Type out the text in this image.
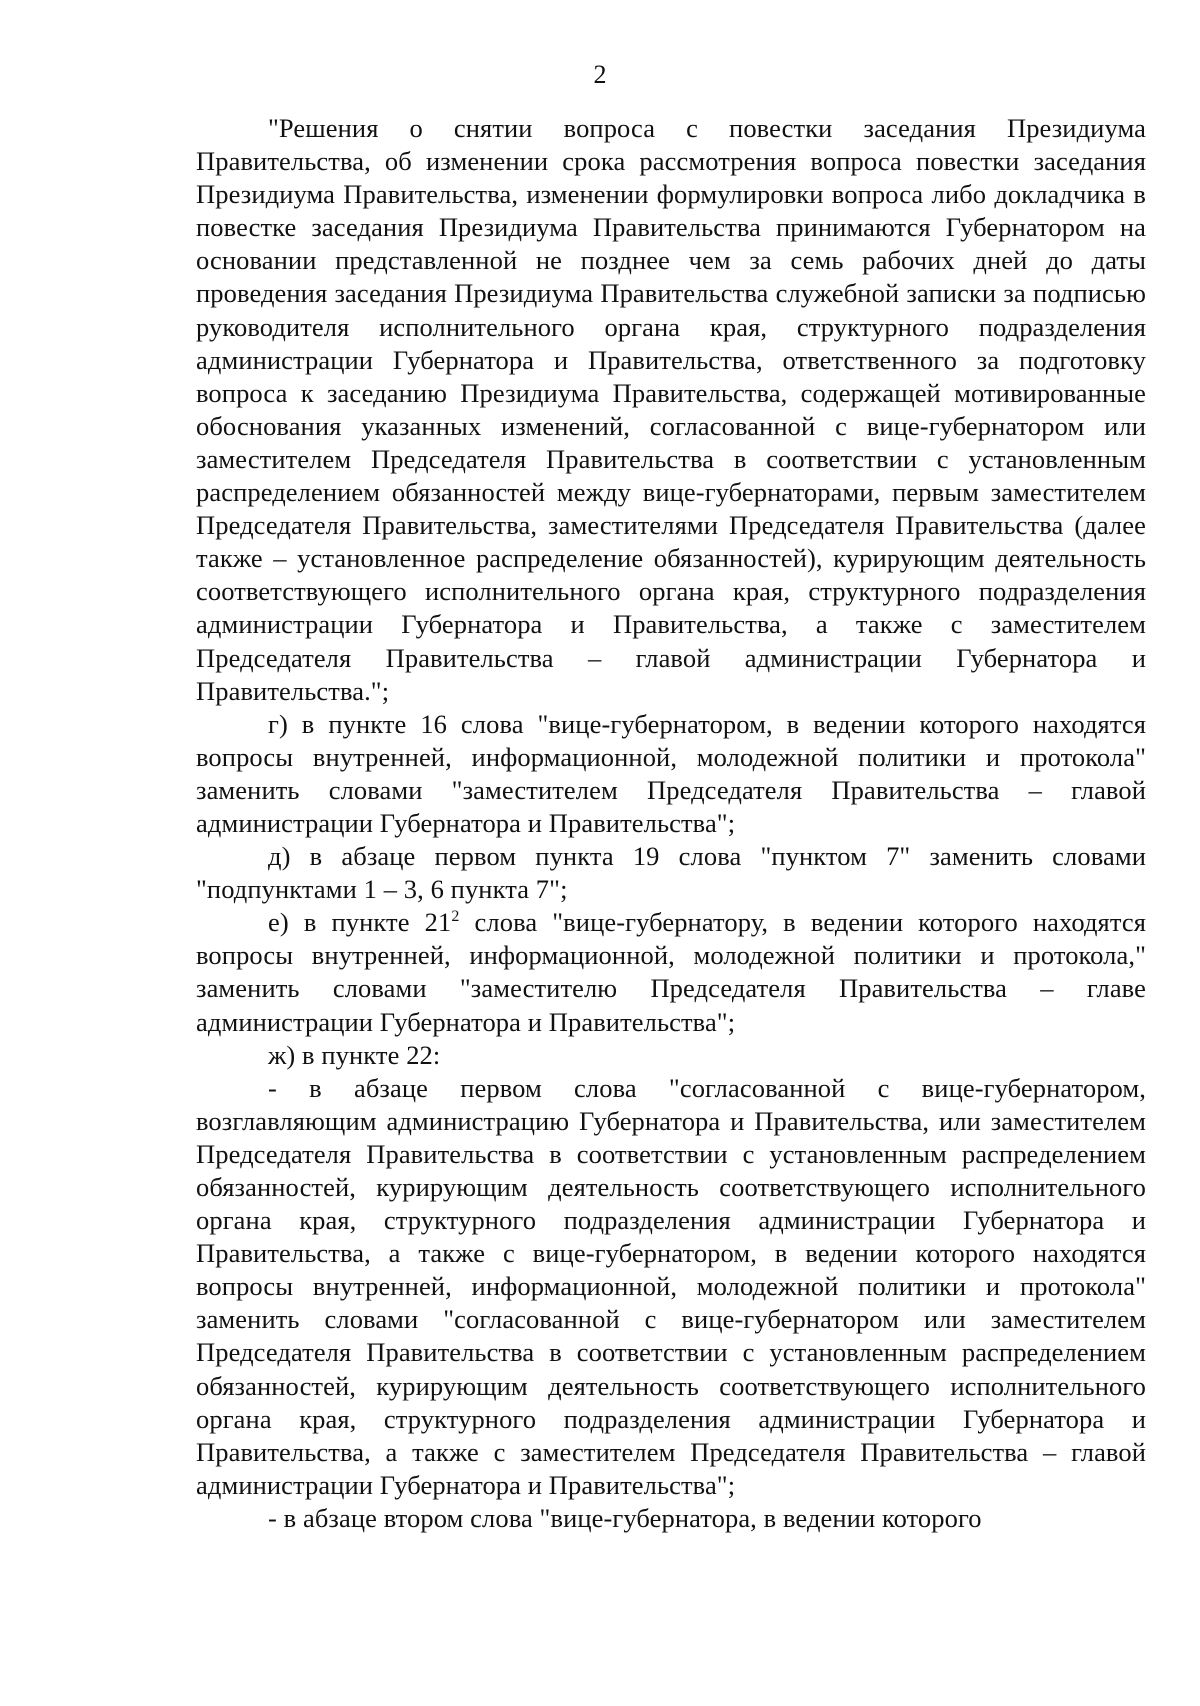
2

"Решения о снятии вопроса с повестки заседания Президиума Правительства, об изменении срока рассмотрения вопроса повестки заседания Президиума Правительства, изменении формулировки вопроса либо докладчика в повестке заседания Президиума Правительства принимаются Губернатором на основании представленной не позднее чем за семь рабочих дней до даты проведения заседания Президиума Правительства служебной записки за подписью руководителя исполнительного органа края, структурного подразделения администрации Губернатора и Правительства, ответственного за подготовку вопроса к заседанию Президиума Правительства, содержащей мотивированные обоснования указанных изменений, согласованной с вице-губернатором или заместителем Председателя Правительства в соответствии с установленным распределением обязанностей между вице-губернаторами, первым заместителем Председателя Правительства, заместителями Председателя Правительства (далее также – установленное распределение обязанностей), курирующим деятельность соответствующего исполнительного органа края, структурного подразделения администрации Губернатора и Правительства, а также с заместителем Председателя Правительства – главой администрации Губернатора и Правительства.";

г) в пункте 16 слова "вице-губернатором, в ведении которого находятся вопросы внутренней, информационной, молодежной политики и протокола" заменить словами "заместителем Председателя Правительства – главой администрации Губернатора и Правительства";

д) в абзаце первом пункта 19 слова "пунктом 7" заменить словами "подпунктами 1 – 3, 6 пункта 7";

е) в пункте $21^2$ слова "вице-губернатору, в ведении которого находятся вопросы внутренней, информационной, молодежной политики и протокола," заменить словами "заместителю Председателя Правительства – главе администрации Губернатора и Правительства";

ж) в пункте 22:

- в абзаце первом слова "согласованной с вице-губернатором, возглавляющим администрацию Губернатора и Правительства, или заместителем Председателя Правительства в соответствии с установленным распределением обязанностей, курирующим деятельность соответствующего исполнительного органа края, структурного подразделения администрации Губернатора и Правительства, а также с вице-губернатором, в ведении которого находятся вопросы внутренней, информационной, молодежной политики и протокола" заменить словами "согласованной с вице-губернатором или заместителем Председателя Правительства в соответствии с установленным распределением обязанностей, курирующим деятельность соответствующего исполнительного органа края, структурного подразделения администрации Губернатора и Правительства, а также с заместителем Председателя Правительства – главой администрации Губернатора и Правительства";

- в абзаце втором слова "вице-губернатора, в ведении которого
